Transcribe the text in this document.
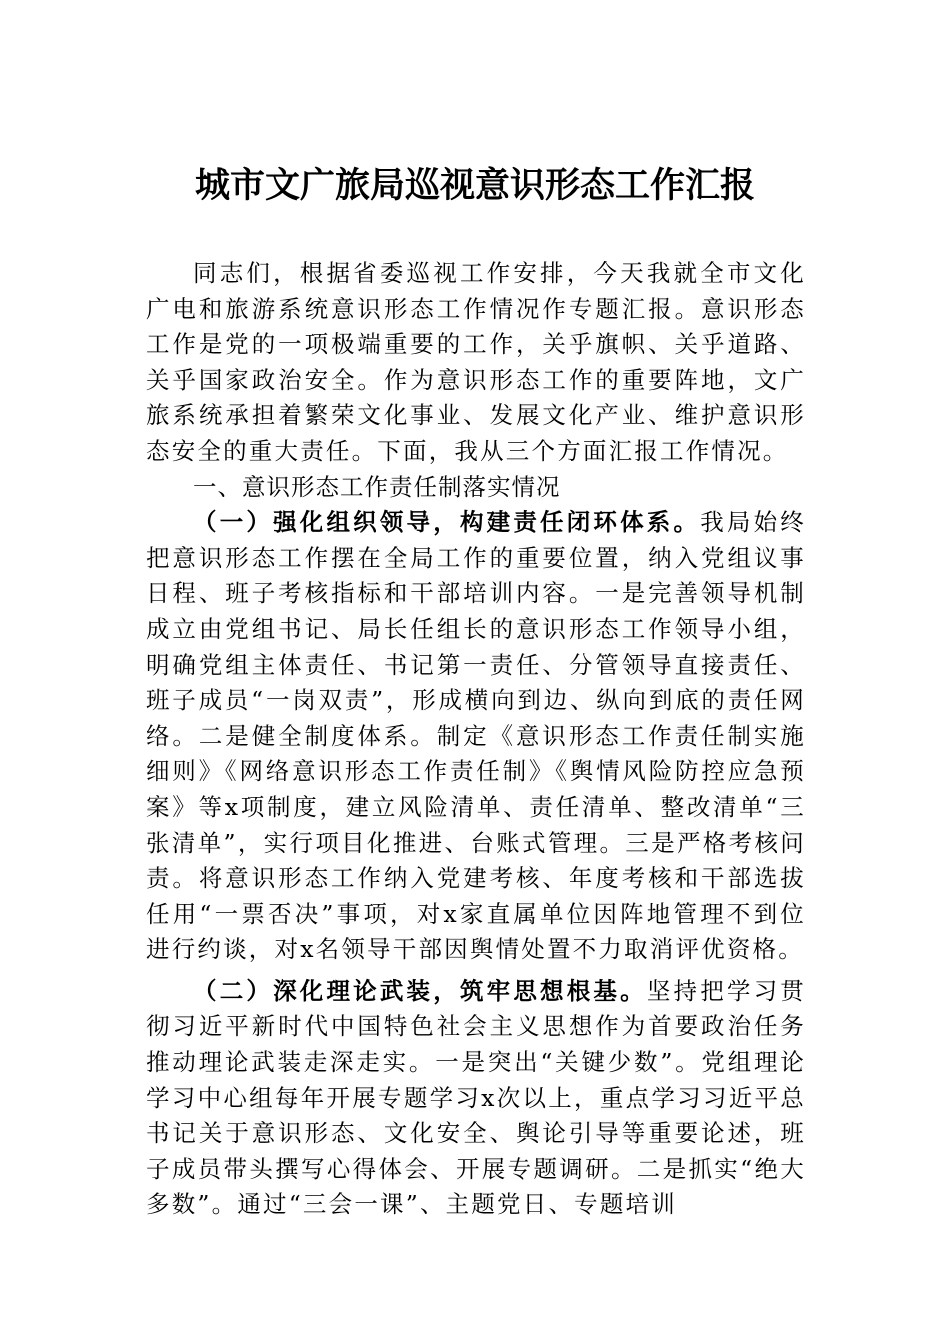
城市文广旅局巡视意识形态工作汇报

同志们，根据省委巡视工作安排，今天我就全市文化广电和旅游系统意识形态工作情况作专题汇报。意识形态工作是党的一项极端重要的工作，关乎旗帜、关乎道路、关乎国家政治安全。作为意识形态工作的重要阵地，文广旅系统承担着繁荣文化事业、发展文化产业、维护意识形态安全的重大责任。下面，我从三个方面汇报工作情况。

一、意识形态工作责任制落实情况

（一）强化组织领导，构建责任闭环体系。我局始终把意识形态工作摆在全局工作的重要位置，纳入党组议事日程、班子考核指标和干部培训内容。一是完善领导机制成立由党组书记、局长任组长的意识形态工作领导小组，明确党组主体责任、书记第一责任、分管领导直接责任、班子成员“一岗双责”，形成横向到边、纵向到底的责任网络。二是健全制度体系。制定《意识形态工作责任制实施细则》《网络意识形态工作责任制》《舆情风险防控应急预案》等x项制度，建立风险清单、责任清单、整改清单“三张清单”，实行项目化推进、台账式管理。三是严格考核问责。将意识形态工作纳入党建考核、年度考核和干部选拔任用“一票否决”事项，对x家直属单位因阵地管理不到位进行约谈，对x名领导干部因舆情处置不力取消评优资格。

（二）深化理论武装，筑牢思想根基。坚持把学习贯彻习近平新时代中国特色社会主义思想作为首要政治任务推动理论武装走深走实。一是突出“关键少数”。党组理论学习中心组每年开展专题学习x次以上，重点学习习近平总书记关于意识形态、文化安全、舆论引导等重要论述，班子成员带头撰写心得体会、开展专题调研。二是抓实“绝大多数”。通过“三会一课”、主题党日、专题培训
